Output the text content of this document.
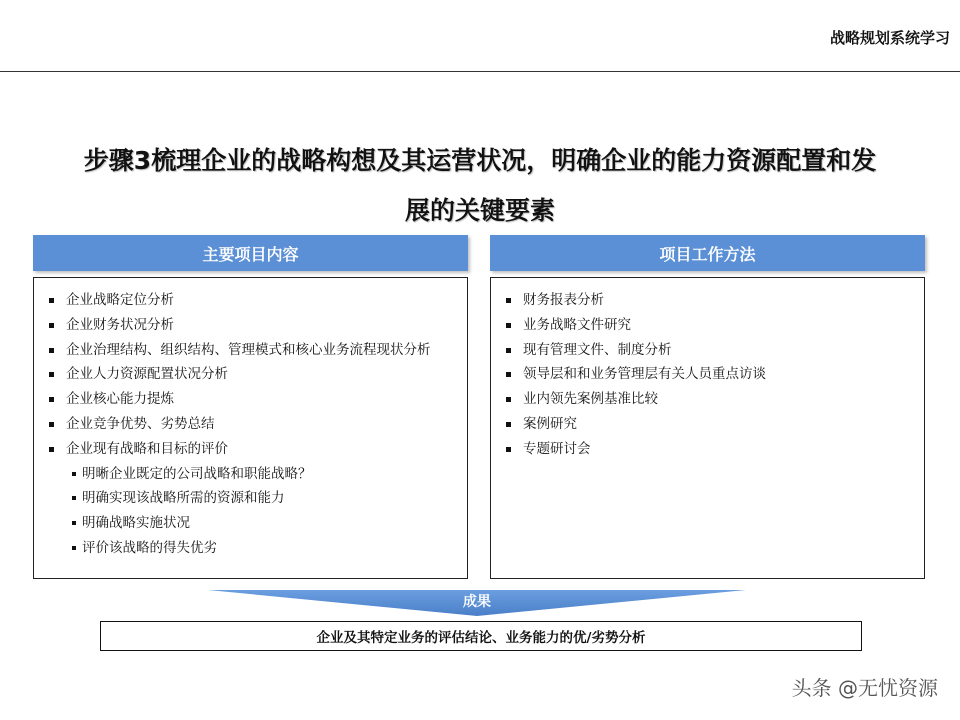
战略规划系统学习
步骤3梳理企业的战略构想及其运营状况，明确企业的能力资源配置和发
展的关键要素
主要项目内容
企业战略定位分析
企业财务状况分析
企业治理结构、组织结构、管理模式和核心业务流程现状分析
企业人力资源配置状况分析
企业核心能力提炼
企业竞争优势、劣势总结
企业现有战略和目标的评价
明晰企业既定的公司战略和职能战略？
明确实现该战略所需的资源和能力
明确战略实施状况
评价该战略的得失优劣
项目工作方法
财务报表分析
业务战略文件研究
现有管理文件、制度分析
领导层和和业务管理层有关人员重点访谈
业内领先案例基准比较
案例研究
专题研讨会
成果
企业及其特定业务的评估结论、业务能力的优/劣势分析
头条 @无忧资源
